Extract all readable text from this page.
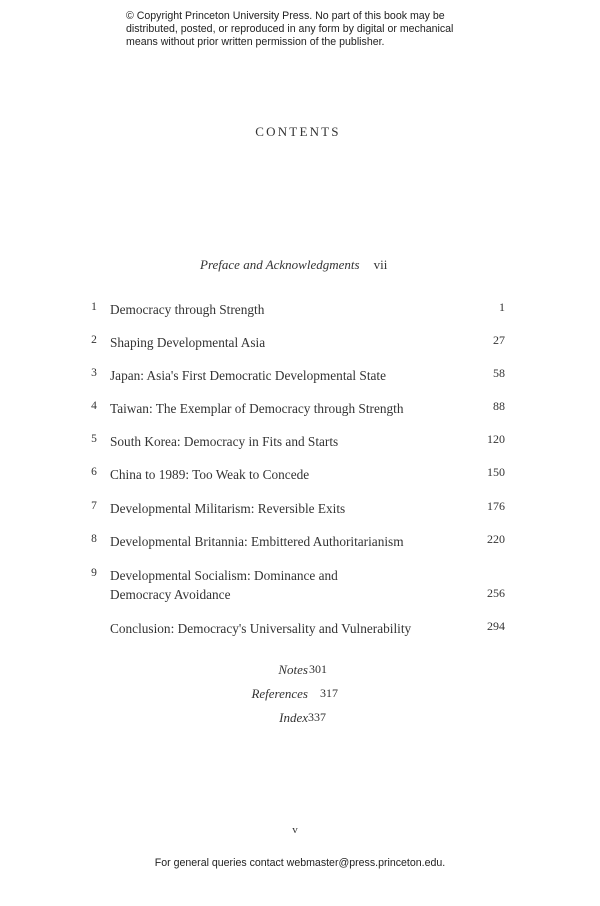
© Copyright Princeton University Press. No part of this book may be distributed, posted, or reproduced in any form by digital or mechanical means without prior written permission of the publisher.
CONTENTS
Preface and Acknowledgments vii
1 Democracy through Strength	1
2 Shaping Developmental Asia	27
3 Japan: Asia's First Democratic Developmental State	58
4 Taiwan: The Exemplar of Democracy through Strength	88
5 South Korea: Democracy in Fits and Starts	120
6 China to 1989: Too Weak to Concede	150
7 Developmental Militarism: Reversible Exits	176
8 Developmental Britannia: Embittered Authoritarianism	220
9 Developmental Socialism: Dominance and Democracy Avoidance	256
Conclusion: Democracy's Universality and Vulnerability	294
Notes 301
References 317
Index 337
v
For general queries contact webmaster@press.princeton.edu.
